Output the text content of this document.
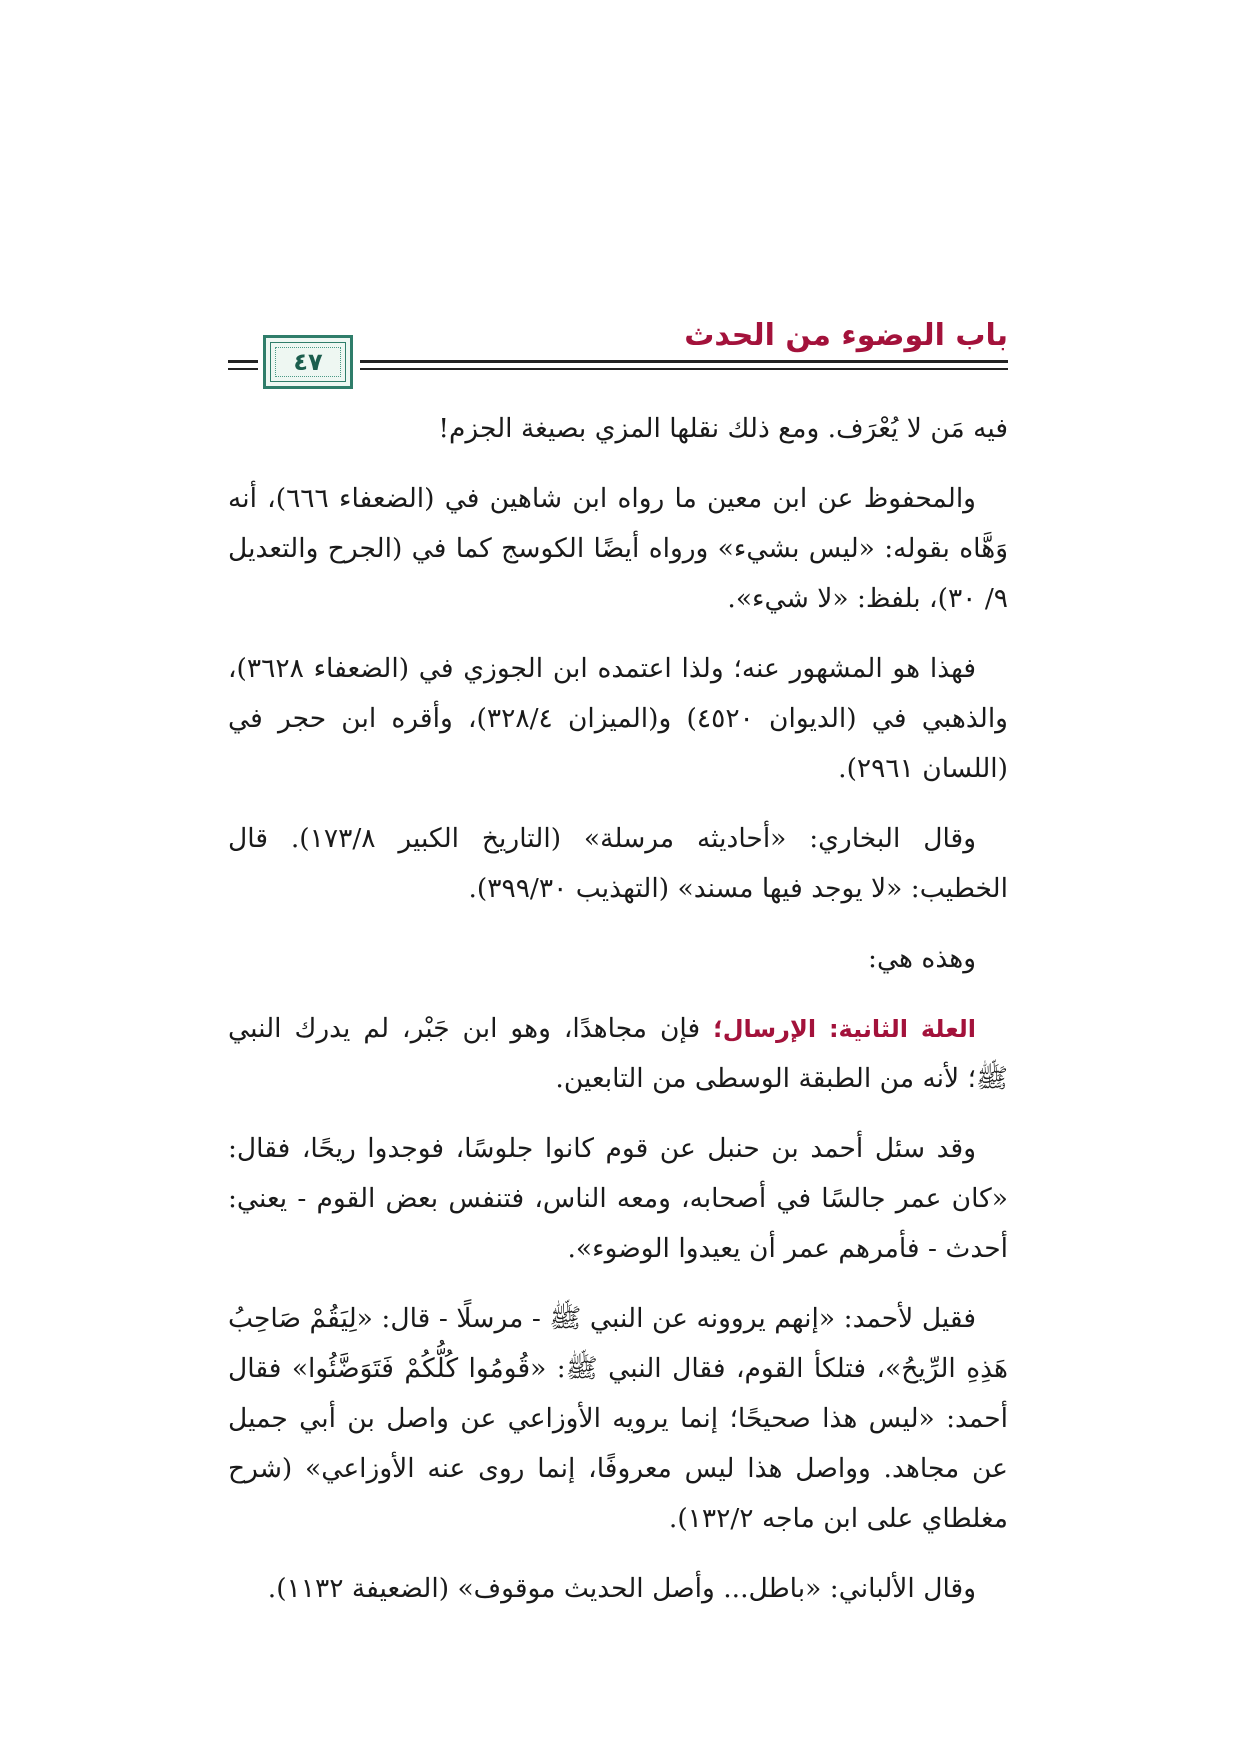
باب الوضوء من الحدث
٤٧

فيه مَن لا يُعْرَف. ومع ذلك نقلها المزي بصيغة الجزم!

والمحفوظ عن ابن معين ما رواه ابن شاهين في (الضعفاء ٦٦٦)، أنه وَهَّاه بقوله: «ليس بشيء» ورواه أيضًا الكوسج كما في (الجرح والتعديل ٩/ ٣٠)، بلفظ: «لا شيء».

فهذا هو المشهور عنه؛ ولذا اعتمده ابن الجوزي في (الضعفاء ٣٦٢٨)، والذهبي في (الديوان ٤٥٢٠) و(الميزان ٣٢٨/٤)، وأقره ابن حجر في (اللسان ٢٩٦١).

وقال البخاري: «أحاديثه مرسلة» (التاريخ الكبير ١٧٣/٨). قال الخطيب: «لا يوجد فيها مسند» (التهذيب ٣٩٩/٣٠).

وهذه هي:

العلة الثانية: الإرسال؛ فإن مجاهدًا، وهو ابن جَبْر، لم يدرك النبي ﷺ؛ لأنه من الطبقة الوسطى من التابعين.

وقد سئل أحمد بن حنبل عن قوم كانوا جلوسًا، فوجدوا ريحًا، فقال: «كان عمر جالسًا في أصحابه، ومعه الناس، فتنفس بعض القوم - يعني: أحدث - فأمرهم عمر أن يعيدوا الوضوء».

فقيل لأحمد: «إنهم يروونه عن النبي ﷺ - مرسلًا - قال: «لِيَقُمْ صَاحِبُ هَذِهِ الرِّيحُ»، فتلكأ القوم، فقال النبي ﷺ: «قُومُوا كُلُّكُمْ فَتَوَضَّئُوا» فقال أحمد: «ليس هذا صحيحًا؛ إنما يرويه الأوزاعي عن واصل بن أبي جميل عن مجاهد. وواصل هذا ليس معروفًا، إنما روى عنه الأوزاعي» (شرح مغلطاي على ابن ماجه ١٣٢/٢).

وقال الألباني: «باطل... وأصل الحديث موقوف» (الضعيفة ١١٣٢).
